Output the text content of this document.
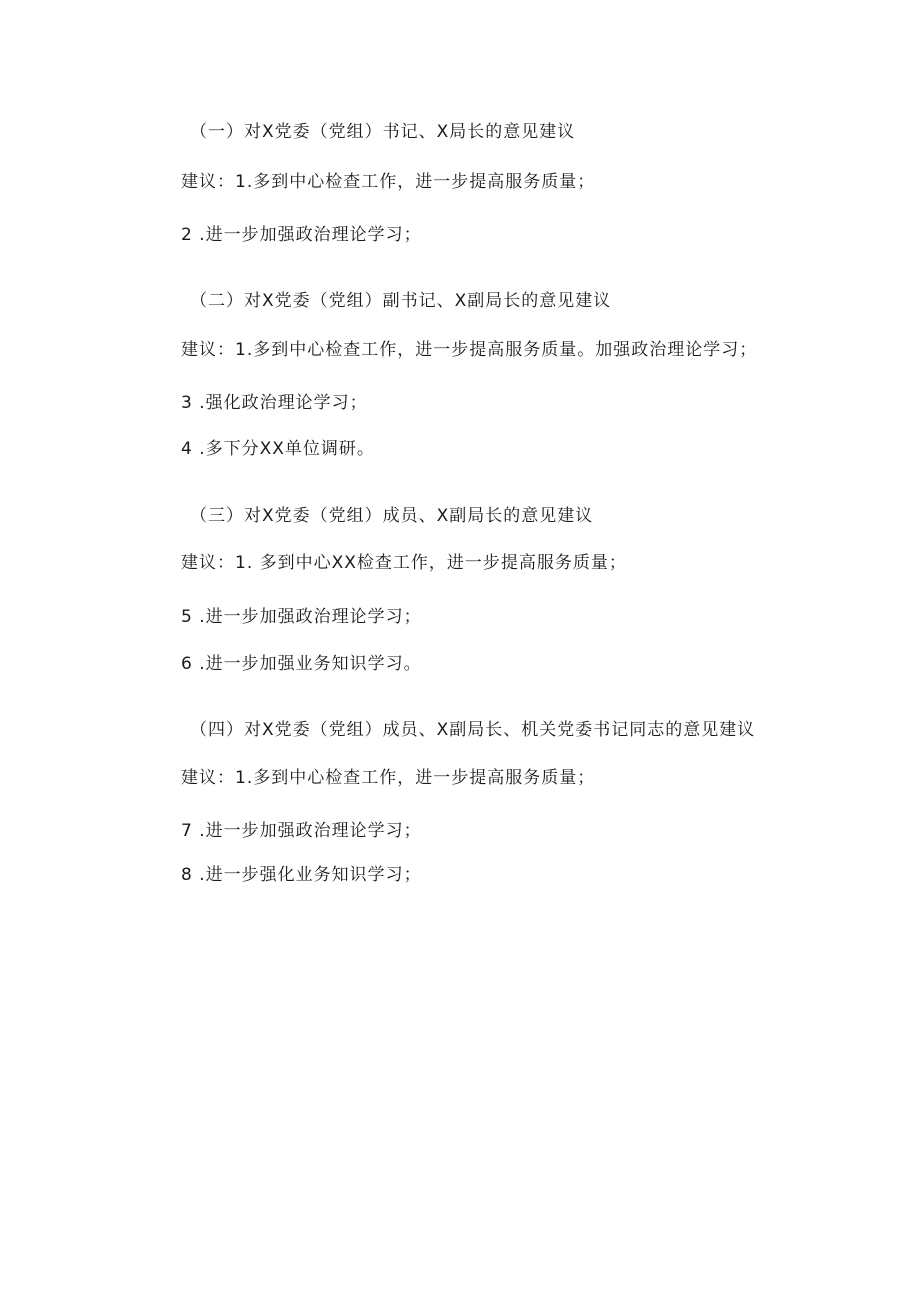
（一）对X党委（党组）书记、X局长的意见建议
建议：1.多到中心检查工作，进一步提高服务质量；
2 .进一步加强政治理论学习；
（二）对X党委（党组）副书记、X副局长的意见建议
建议：1.多到中心检查工作，进一步提高服务质量。加强政治理论学习；
3 .强化政治理论学习；
4 .多下分XX单位调研。
（三）对X党委（党组）成员、X副局长的意见建议
建议：1. 多到中心XX检查工作，进一步提高服务质量；
5 .进一步加强政治理论学习；
6 .进一步加强业务知识学习。
（四）对X党委（党组）成员、X副局长、机关党委书记同志的意见建议
建议：1.多到中心检查工作，进一步提高服务质量；
7 .进一步加强政治理论学习；
8 .进一步强化业务知识学习；
